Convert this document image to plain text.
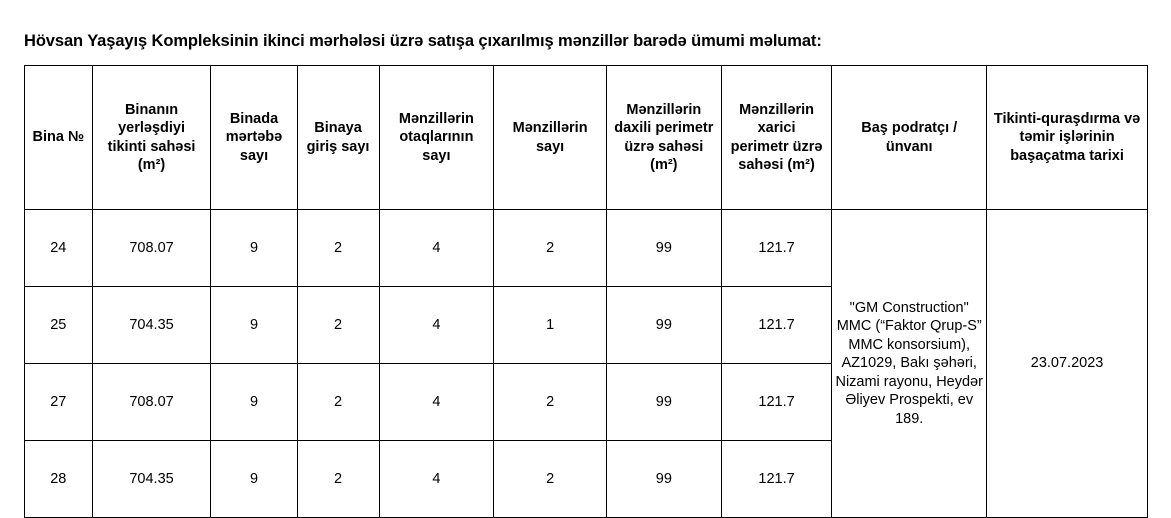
Hövsan Yaşayış Kompleksinin ikinci mərhələsi üzrə satışa çıxarılmış mənzillər barədə ümumi məlumat:
Bina №	Binanın yerləşdiyi tikinti sahəsi (m²)	Binada mərtəbə sayı	Binaya giriş sayı	Mənzillərin otaqlarının sayı	Mənzillərin sayı	Mənzillərin daxili perimetr üzrə sahəsi (m²)	Mənzillərin xarici perimetr üzrə sahəsi (m²)	Baş podratçı / ünvanı	Tikinti-quraşdırma və təmir işlərinin başaçatma tarixi
24	708.07	9	2	4	2	99	121.7	"GM Construction" MMC (“Faktor Qrup-S” MMC konsorsium), AZ1029, Bakı şəhəri, Nizami rayonu, Heydər Əliyev Prospekti, ev 189.	23.07.2023
25	704.35	9	2	4	1	99	121.7		
27	708.07	9	2	4	2	99	121.7		
28	704.35	9	2	4	2	99	121.7		
